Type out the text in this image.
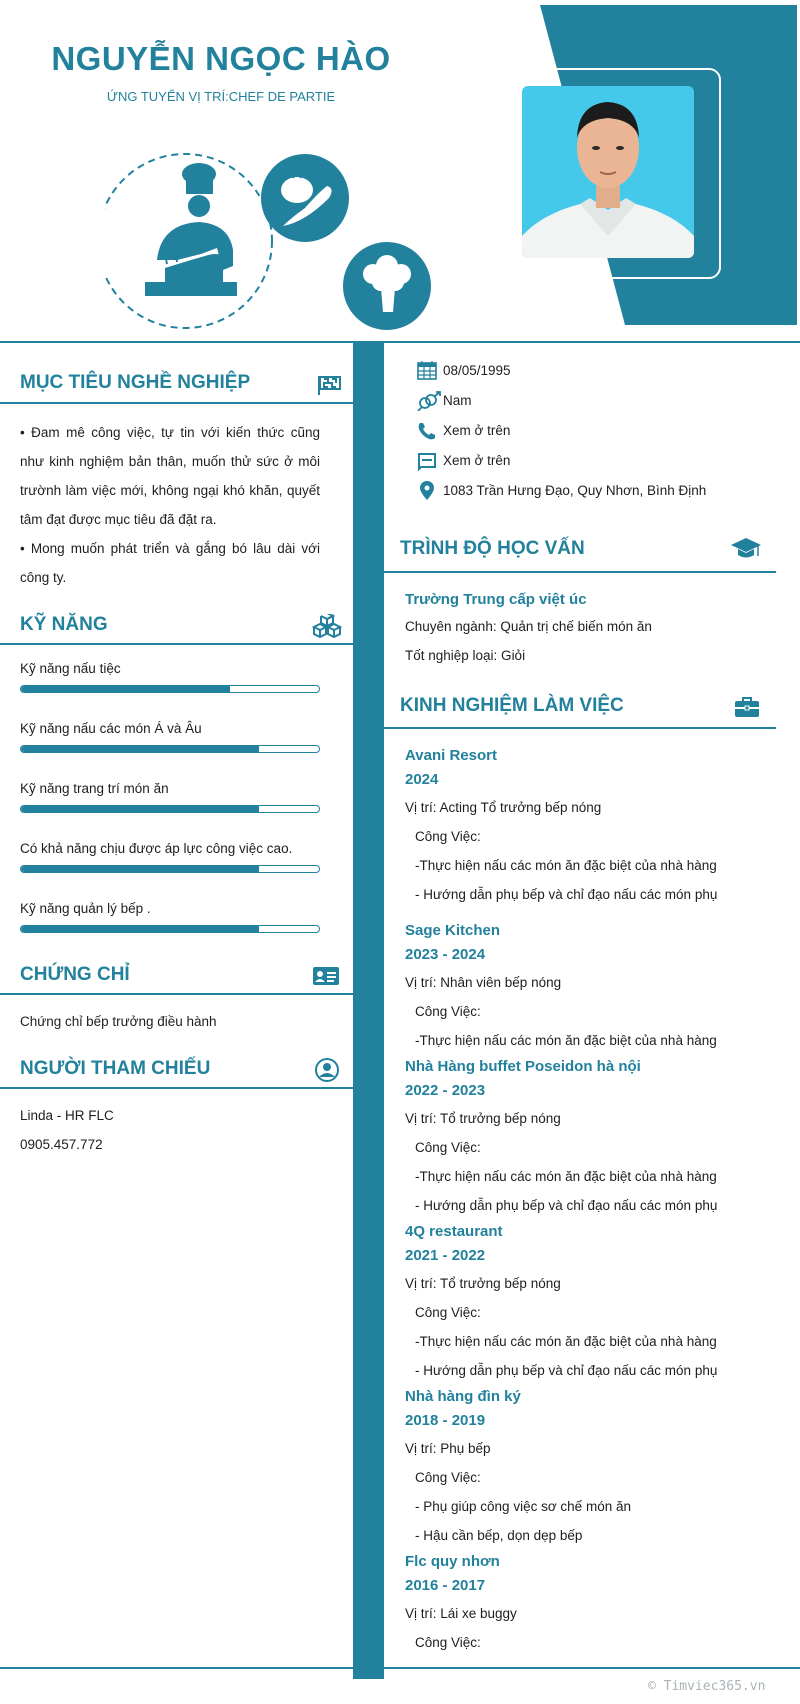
NGUYỄN NGỌC HÀO
ỨNG TUYỂN VỊ TRÍ:CHEF DE PARTIE
MỤC TIÊU NGHỀ NGHIỆP

• Đam mê công việc, tự tin với kiến thức cũng như kinh nghiệm bản thân, muốn thử sức ở môi trườnh làm việc mới, không ngại khó khăn, quyết tâm đạt được mục tiêu đã đặt ra.

• Mong muốn phát triển và gắng bó lâu dài với công ty.

KỸ NĂNG
Kỹ năng nấu tiệc
Kỹ năng nấu các món Á và Âu
Kỹ năng trang trí món ăn
Có khả năng chịu được áp lực công việc cao.
Kỹ năng quản lý bếp .
CHỨNG CHỈ
Chứng chỉ bếp trưởng điều hành
NGƯỜI THAM CHIẾU
Linda - HR FLC
0905.457.772
08/05/1995
Nam
Xem ở trên
Xem ở trên
1083 Trần Hưng Đạo, Quy Nhơn, Bình Định
TRÌNH ĐỘ HỌC VẤN
Trường Trung cấp việt úc
Chuyên ngành: Quản trị chế biến món ăn
Tốt nghiệp loại: Giỏi
KINH NGHIỆM LÀM VIỆC
Avani Resort
2024
Vị trí: Acting Tổ trưởng bếp nóng
Công Việc:
-Thực hiện nấu các món ăn đặc biệt của nhà hàng
- Hướng dẫn phụ bếp và chỉ đạo nấu các món phụ
Sage Kitchen
2023 - 2024
Vị trí: Nhân viên bếp nóng
Công Việc:
-Thực hiện nấu các món ăn đặc biệt của nhà hàng
Nhà Hàng buffet Poseidon hà nội
2022 - 2023
Vị trí: Tổ trưởng bếp nóng
Công Việc:
-Thực hiện nấu các món ăn đặc biệt của nhà hàng
- Hướng dẫn phụ bếp và chỉ đạo nấu các món phụ
4Q restaurant
2021 - 2022
Vị trí: Tổ trưởng bếp nóng
Công Việc:
-Thực hiện nấu các món ăn đặc biệt của nhà hàng
- Hướng dẫn phụ bếp và chỉ đạo nấu các món phụ
Nhà hàng đìn ký
2018 - 2019
Vị trí: Phụ bếp
Công Việc:
- Phụ giúp công việc sơ chế món ăn
- Hậu cần bếp, dọn dẹp bếp
Flc quy nhơn
2016 - 2017
Vị trí: Lái xe buggy
Công Việc:
© Timviec365.vn
